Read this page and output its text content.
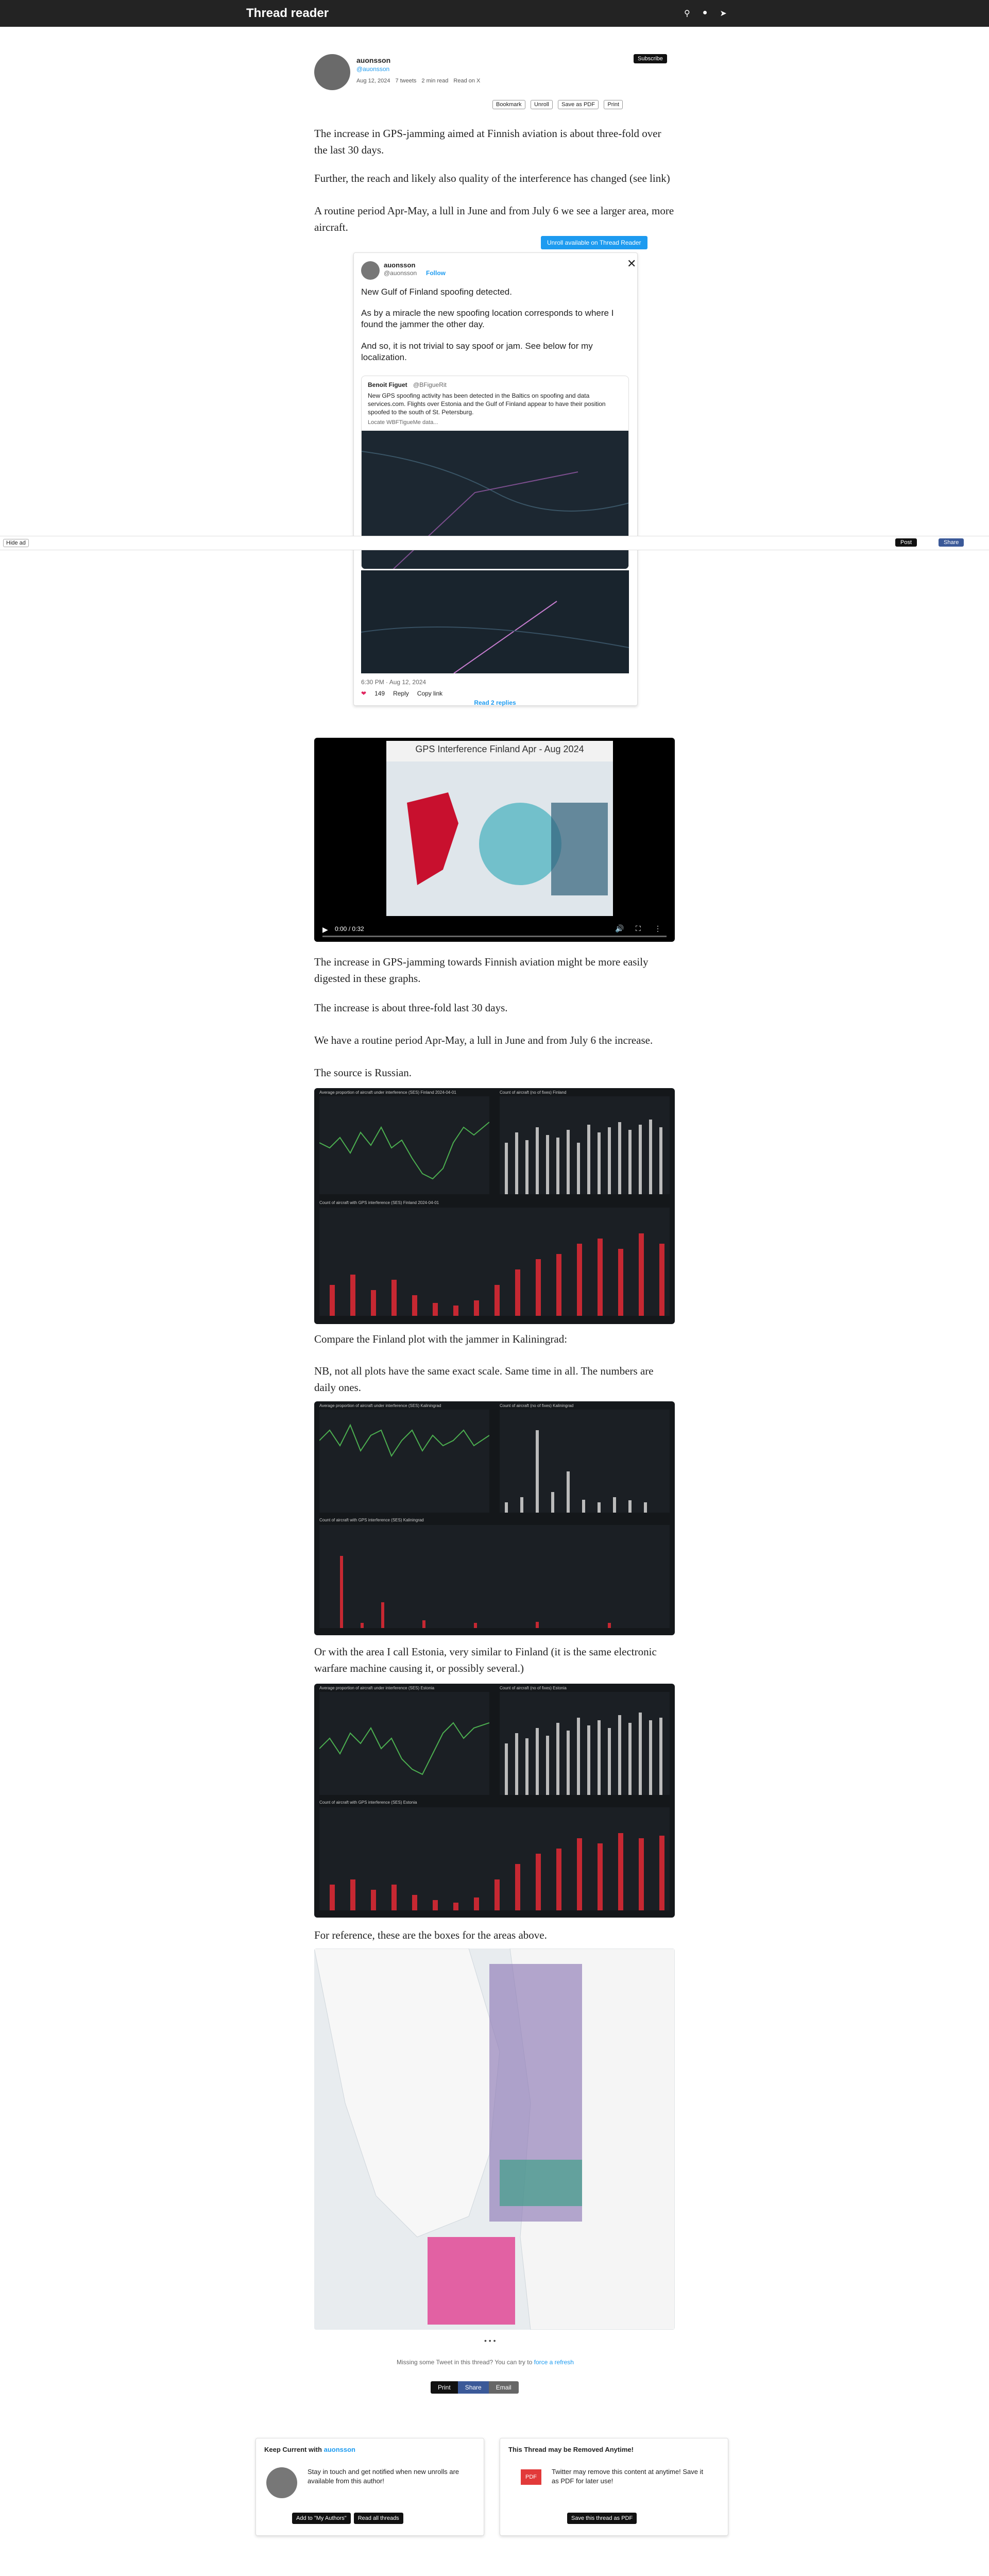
Thread reader	⚲ ● ➤
auonsson
@auonsson
Aug 12, 2024 7 tweets 2 min read Read on X
Subscribe
Bookmark Unroll Save as PDF Print
The increase in GPS-jamming aimed at Finnish aviation is about three-fold over the last 30 days.
Further, the reach and likely also quality of the interference has changed (see link)
A routine period Apr-May, a lull in June and from July 6 we see a larger area, more aircraft.
Unroll available on Thread Reader
✕
auonsson
@auonsson Follow
New Gulf of Finland spoofing detected.
As by a miracle the new spoofing location corresponds to where I found the jammer the other day.
And so, it is not trivial to say spoof or jam. See below for my localization.
Benoit Figuet @BFigueRit
New GPS spoofing activity has been detected in the Baltics on spoofing and data services.com. Flights over Estonia and the Gulf of Finland appear to have their position spoofed to the south of St. Petersburg.
Locate WBFTigueMe data...
6:30 PM · Aug 12, 2024
❤ 149 Reply Copy link
Read 2 replies
Hide ad	Post	Share
GPS Interference Finland Apr - Aug 2024
▶ 0:00 / 0:32	🔊 ⛶ ⋮
The increase in GPS-jamming towards Finnish aviation might be more easily digested in these graphs.
The increase is about three-fold last 30 days.
We have a routine period Apr-May, a lull in June and from July 6 the increase.
The source is Russian.
Average proportion of aircraft under interference (SES) Finland 2024-04-01	Count of aircraft (no of fixes) Finland
Count of aircraft with GPS interference (SES) Finland 2024-04-01
Compare the Finland plot with the jammer in Kaliningrad:
NB, not all plots have the same exact scale. Same time in all. The numbers are daily ones.
Average proportion of aircraft under interference (SES) Kaliningrad	Count of aircraft (no of fixes) Kaliningrad
Count of aircraft with GPS interference (SES) Kaliningrad
Or with the area I call Estonia, very similar to Finland (it is the same electronic warfare machine causing it, or possibly several.)
Average proportion of aircraft under interference (SES) Estonia	Count of aircraft (no of fixes) Estonia
Count of aircraft with GPS interference (SES) Estonia
For reference, these are the boxes for the areas above.
• • •
Missing some Tweet in this thread? You can try to force a refresh
Print	Share	Email
Keep Current with auonsson
Stay in touch and get notified when new unrolls are available from this author!
Add to "My Authors"	Read all threads
This Thread may be Removed Anytime!
PDF
Twitter may remove this content at anytime! Save it as PDF for later use!
Save this thread as PDF
